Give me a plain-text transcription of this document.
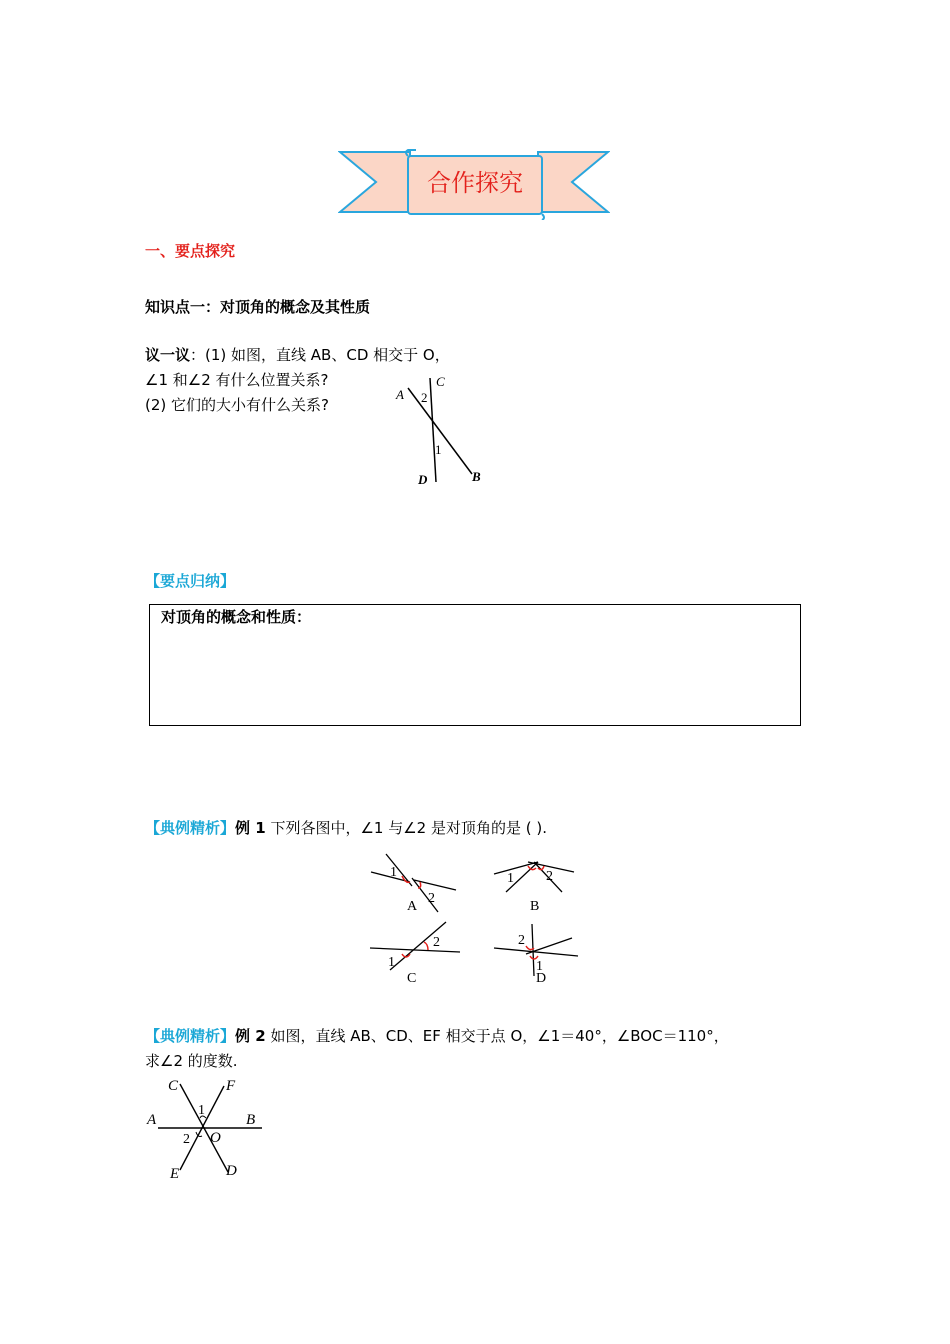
合作探究
一、要点探究
知识点一：对顶角的概念及其性质
议一议：(1) 如图，直线 AB、CD 相交于 O，
∠1 和∠2 有什么位置关系?
(2) 它们的大小有什么关系?
C
A 2
1
D	B
【要点归纳】
对顶角的概念和性质：
【典例精析】例 1 下列各图中，∠1 与∠2 是对顶角的是 ( ).
1
2
A
1 2
B
1
2
C
2
1
D
【典例精析】例 2 如图，直线 AB、CD、EF 相交于点 O，∠1＝40°，∠BOC＝110°，
求∠2 的度数.
C	F
A	B
1
2 O
E	D
